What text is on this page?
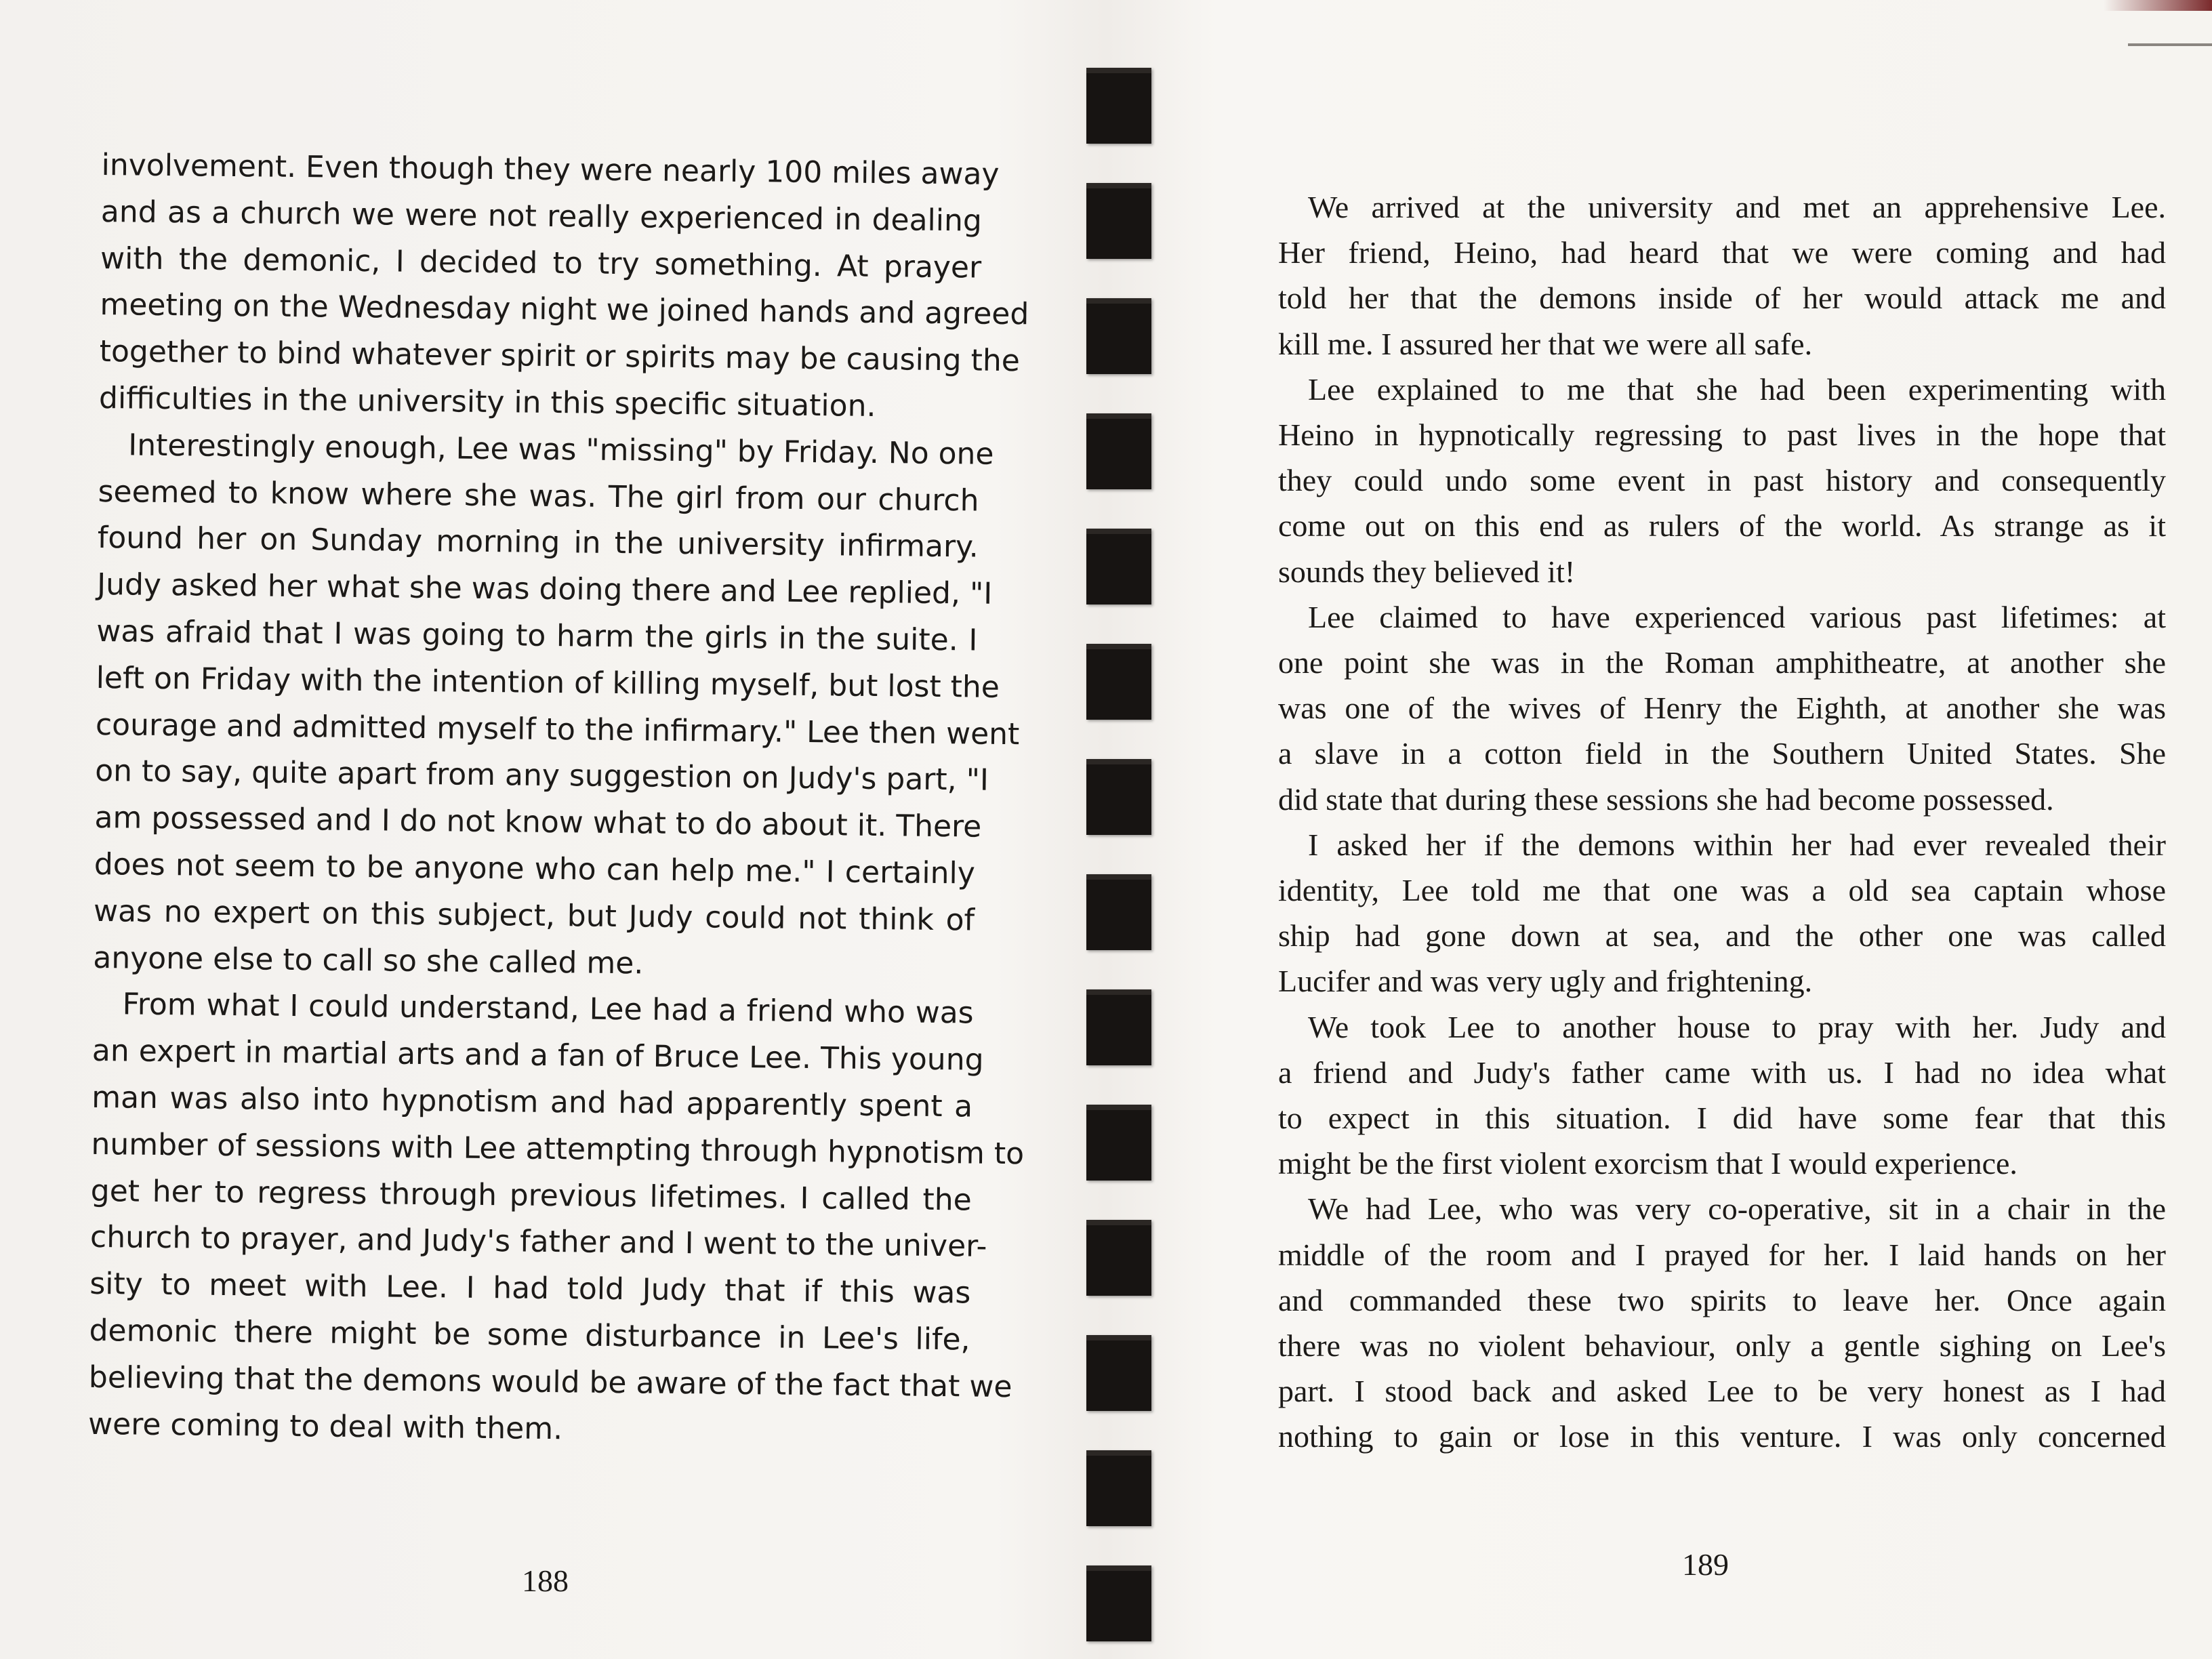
involvement. Even though they were nearly 100 miles away
and as a church we were not really experienced in dealing
with the demonic, I decided to try something. At prayer
meeting on the Wednesday night we joined hands and agreed
together to bind whatever spirit or spirits may be causing the
difficulties in the university in this specific situation.
Interestingly enough, Lee was "missing" by Friday. No one
seemed to know where she was. The girl from our church
found her on Sunday morning in the university infirmary.
Judy asked her what she was doing there and Lee replied, "I
was afraid that I was going to harm the girls in the suite. I
left on Friday with the intention of killing myself, but lost the
courage and admitted myself to the infirmary." Lee then went
on to say, quite apart from any suggestion on Judy's part, "I
am possessed and I do not know what to do about it. There
does not seem to be anyone who can help me." I certainly
was no expert on this subject, but Judy could not think of
anyone else to call so she called me.
From what I could understand, Lee had a friend who was
an expert in martial arts and a fan of Bruce Lee. This young
man was also into hypnotism and had apparently spent a
number of sessions with Lee attempting through hypnotism to
get her to regress through previous lifetimes. I called the
church to prayer, and Judy's father and I went to the univer-
sity to meet with Lee. I had told Judy that if this was
demonic there might be some disturbance in Lee's life,
believing that the demons would be aware of the fact that we
were coming to deal with them.
188
We arrived at the university and met an apprehensive Lee.
Her friend, Heino, had heard that we were coming and had
told her that the demons inside of her would attack me and
kill me. I assured her that we were all safe.
Lee explained to me that she had been experimenting with
Heino in hypnotically regressing to past lives in the hope that
they could undo some event in past history and consequently
come out on this end as rulers of the world. As strange as it
sounds they believed it!
Lee claimed to have experienced various past lifetimes: at
one point she was in the Roman amphitheatre, at another she
was one of the wives of Henry the Eighth, at another she was
a slave in a cotton field in the Southern United States. She
did state that during these sessions she had become possessed.
I asked her if the demons within her had ever revealed their
identity, Lee told me that one was a old sea captain whose
ship had gone down at sea, and the other one was called
Lucifer and was very ugly and frightening.
We took Lee to another house to pray with her. Judy and
a friend and Judy's father came with us. I had no idea what
to expect in this situation. I did have some fear that this
might be the first violent exorcism that I would experience.
We had Lee, who was very co-operative, sit in a chair in the
middle of the room and I prayed for her. I laid hands on her
and commanded these two spirits to leave her. Once again
there was no violent behaviour, only a gentle sighing on Lee's
part. I stood back and asked Lee to be very honest as I had
nothing to gain or lose in this venture. I was only concerned
189
